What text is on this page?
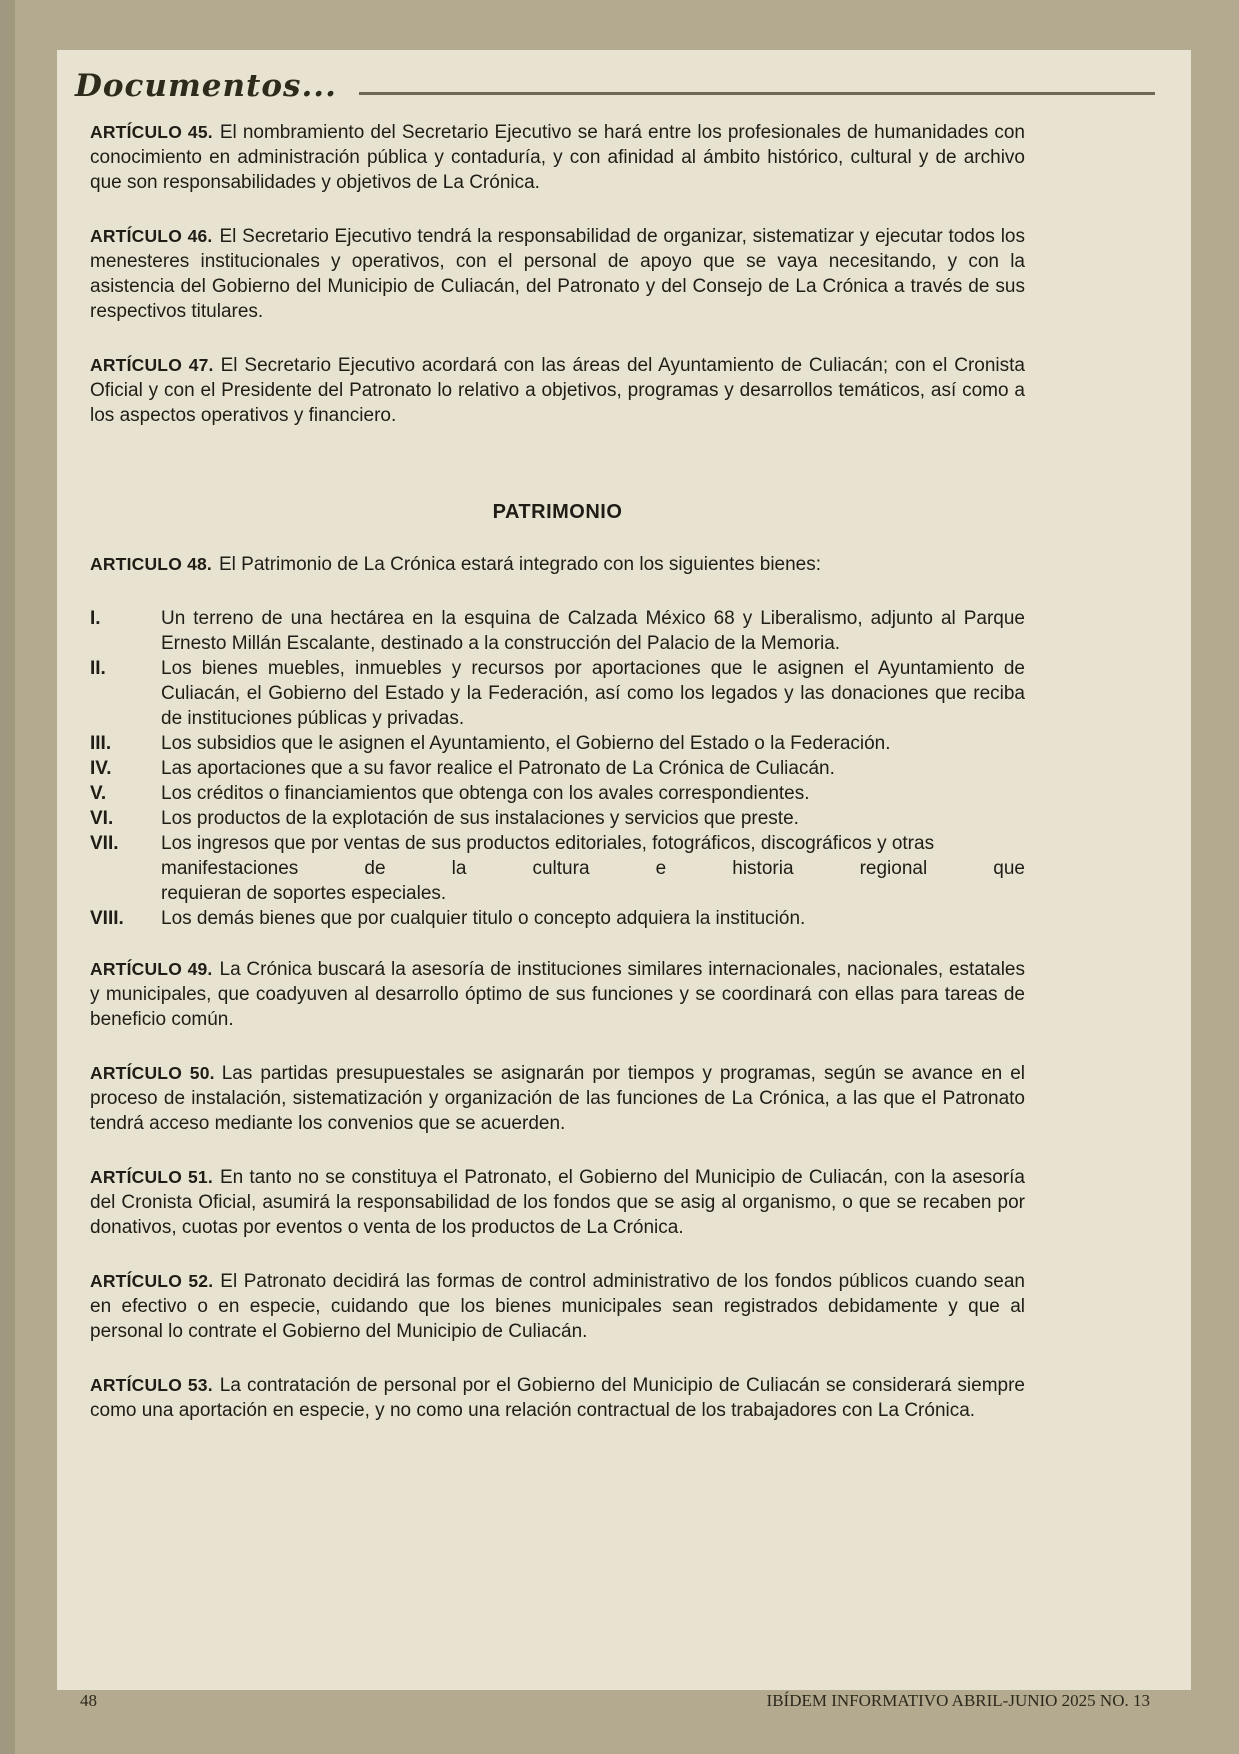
Documentos...

ARTÍCULO 45. El nombramiento del Secretario Ejecutivo se hará entre los profesionales de humanidades con conocimiento en administración pública y contaduría, y con afinidad al ámbito histórico, cultural y de archivo que son responsabilidades y objetivos de La Crónica.

ARTÍCULO 46. El Secretario Ejecutivo tendrá la responsabilidad de organizar, sistematizar y ejecutar todos los menesteres institucionales y operativos, con el personal de apoyo que se vaya necesitando, y con la asistencia del Gobierno del Municipio de Culiacán, del Patronato y del Consejo de La Crónica a través de sus respectivos titulares.

ARTÍCULO 47. El Secretario Ejecutivo acordará con las áreas del Ayuntamiento de Culiacán; con el Cronista Oficial y con el Presidente del Patronato lo relativo a objetivos, programas y desarrollos temáticos, así como a los aspectos operativos y financiero.

PATRIMONIO

ARTICULO 48. El Patrimonio de La Crónica estará integrado con los siguientes bienes:

I.	Un terreno de una hectárea en la esquina de Calzada México 68 y Liberalismo, adjunto al Parque Ernesto Millán Escalante, destinado a la construcción del Palacio de la Memoria.
II.	Los bienes muebles, inmuebles y recursos por aportaciones que le asignen el Ayuntamiento de Culiacán, el Gobierno del Estado y la Federación, así como los legados y las donaciones que reciba de instituciones públicas y privadas.
III.	Los subsidios que le asignen el Ayuntamiento, el Gobierno del Estado o la Federación.
IV.	Las aportaciones que a su favor realice el Patronato de La Crónica de Culiacán.
V.	Los créditos o financiamientos que obtenga con los avales correspondientes.
VI.	Los productos de la explotación de sus instalaciones y servicios que preste.
VII.	Los ingresos que por ventas de sus productos editoriales, fotográficos, discográficos y otras
manifestaciones de la cultura e historia regional que
requieran de soportes especiales.
VIII.	Los demás bienes que por cualquier titulo o concepto adquiera la institución.

ARTÍCULO 49. La Crónica buscará la asesoría de instituciones similares internacionales, nacionales, estatales y municipales, que coadyuven al desarrollo óptimo de sus funciones y se coordinará con ellas para tareas de beneficio común.

ARTÍCULO 50. Las partidas presupuestales se asignarán por tiempos y programas, según se avance en el proceso de instalación, sistematización y organización de las funciones de La Crónica, a las que el Patronato tendrá acceso mediante los convenios que se acuerden.

ARTÍCULO 51. En tanto no se constituya el Patronato, el Gobierno del Municipio de Culiacán, con la asesoría del Cronista Oficial, asumirá la responsabilidad de los fondos que se asig al organismo, o que se recaben por donativos, cuotas por eventos o venta de los productos de La Crónica.

ARTÍCULO 52. El Patronato decidirá las formas de control administrativo de los fondos públicos cuando sean en efectivo o en especie, cuidando que los bienes municipales sean registrados debidamente y que al personal lo contrate el Gobierno del Municipio de Culiacán.

ARTÍCULO 53. La contratación de personal por el Gobierno del Municipio de Culiacán se considerará siempre como una aportación en especie, y no como una relación contractual de los trabajadores con La Crónica.

48	IBÍDEM INFORMATIVO ABRIL-JUNIO 2025 NO. 13
